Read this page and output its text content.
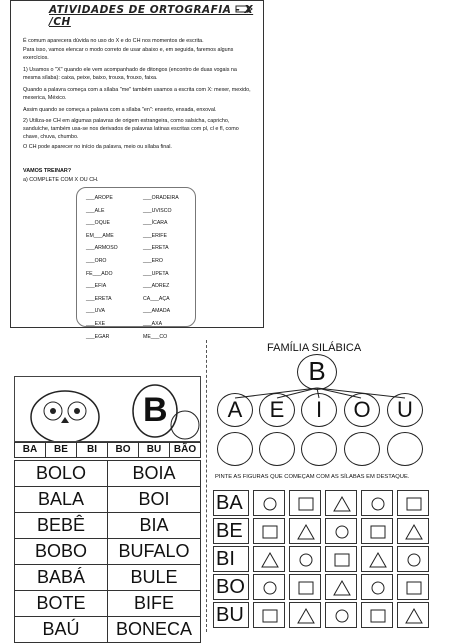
ATIVIDADES DE ORTOGRAFIA - X /CH

É comum aparecera dúvida no uso do X e do CH nos momentos de escrita.

Para isso, vamos elencar o modo correto de usar abaixo e, em seguida, faremos alguns

exercícios.

1) Usamos o "X" quando ele vem acompanhado de ditongos (encontro de duas vogais na

mesma sílaba): caixa, peixe, baixo, trouxa, frouxo, faixa.

Quando a palavra começa com a sílaba "me" também usamos a escrita com X: mexer, mexido,

mexerica, México.

Assim quando se começa a palavra com a sílaba "en": enxerto, enxada, enxoval.

2) Utiliza-se CH em algumas palavras de origem estrangeira, como salsicha, capricho,

sanduíche, também usa-se nos derivados de palavras latinas escritas com pl, cl e fl, como

chave, chuva, chumbo.

O CH pode aparecer no início da palavra, meio ou sílaba final.

VAMOS TREINAR?

a) COMPLETE COM X OU CH.

___AROPE
___ALE
___OQUE
EM___AME
___ARMOSO
___ORO
FE___ADO
___EFIA
___ERETA
___UVA
___EXE
___EGAR
___ORADEIRA
___UVISCO
___ÍCARA
___ERIFE
___ERETA
___ERO
___UPETA
___ADREZ
CA___AÇA
___AMADA
___AXA
ME___CO
B
BA	BE	BI	BO	BU	BÃO
BOLO	BOIA
BALA	BOI
BEBÊ	BIA
BOBO	BUFALO
BABÁ	BULE
BOTE	BIFE
BAÚ	BONECA
FAMÍLIA SILÁBICA
B
A	E	I	O	U
PINTE AS FIGURAS QUE COMEÇAM COM AS SÍLABAS EM DESTAQUE.
BA
BE
BI
BO
BU
